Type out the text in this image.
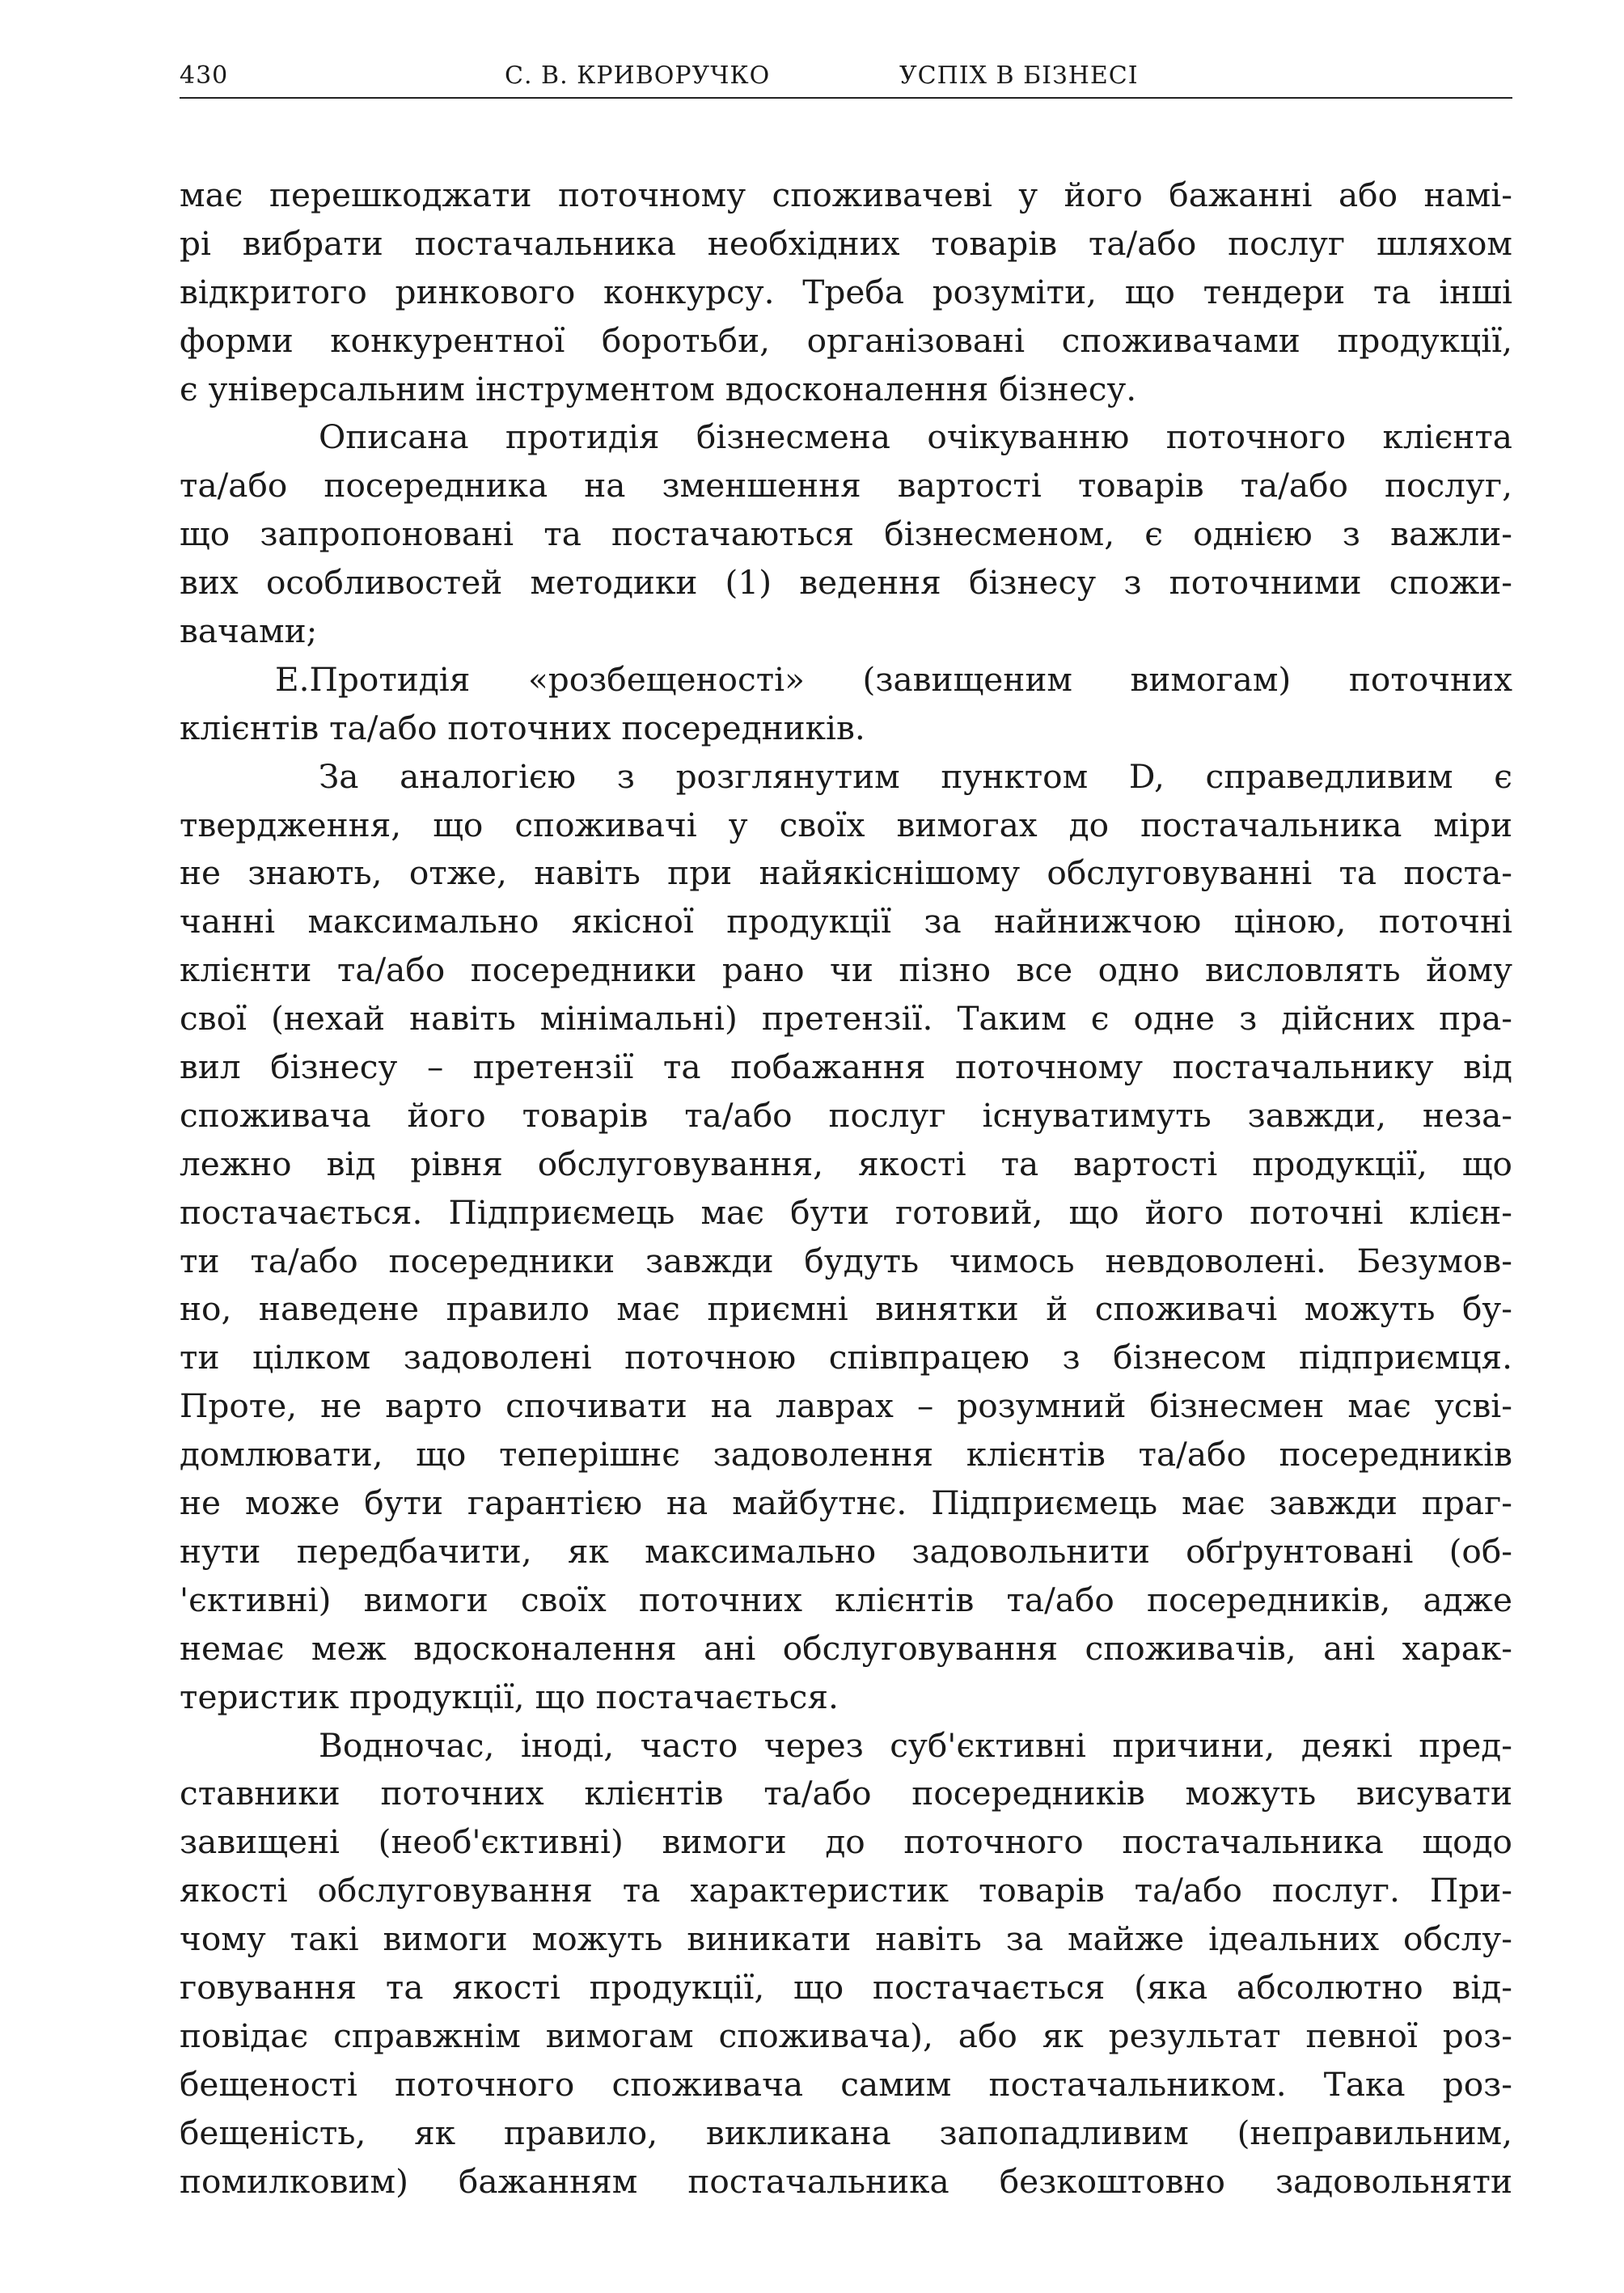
430	С. В. КРИВОРУЧКО	УСПІХ В БІЗНЕСІ
має перешкоджати поточному споживачеві у його бажанні або намі-
рі вибрати постачальника необхідних товарів та/або послуг шляхом
відкритого ринкового конкурсу. Треба розуміти, що тендери та інші
форми конкурентної боротьби, організовані споживачами продукції,
є універсальним інструментом вдосконалення бізнесу.
Описана протидія бізнесмена очікуванню поточного клієнта
та/або посередника на зменшення вартості товарів та/або послуг,
що запропоновані та постачаються бізнесменом, є однією з важли-
вих особливостей методики (1) ведення бізнесу з поточними спожи-
вачами;
E.Протидія «розбещеності» (завищеним вимогам) поточних
клієнтів та/або поточних посередників.
За аналогією з розглянутим пунктом D, справедливим є
твердження, що споживачі у своїх вимогах до постачальника міри
не знають, отже, навіть при найякіснішому обслуговуванні та поста-
чанні максимально якісної продукції за найнижчою ціною, поточні
клієнти та/або посередники рано чи пізно все одно висловлять йому
свої (нехай навіть мінімальні) претензії. Таким є одне з дійсних пра-
вил бізнесу – претензії та побажання поточному постачальнику від
споживача його товарів та/або послуг існуватимуть завжди, неза-
лежно від рівня обслуговування, якості та вартості продукції, що
постачається. Підприємець має бути готовий, що його поточні клієн-
ти та/або посередники завжди будуть чимось невдоволені. Безумов-
но, наведене правило має приємні винятки й споживачі можуть бу-
ти цілком задоволені поточною співпрацею з бізнесом підприємця.
Проте, не варто спочивати на лаврах – розумний бізнесмен має усві-
домлювати, що теперішнє задоволення клієнтів та/або посередників
не може бути гарантією на майбутнє. Підприємець має завжди праг-
нути передбачити, як максимально задовольнити обґрунтовані (об-
'єктивні) вимоги своїх поточних клієнтів та/або посередників, адже
немає меж вдосконалення ані обслуговування споживачів, ані харак-
теристик продукції, що постачається.
Водночас, іноді, часто через суб'єктивні причини, деякі пред-
ставники поточних клієнтів та/або посередників можуть висувати
завищені (необ'єктивні) вимоги до поточного постачальника щодо
якості обслуговування та характеристик товарів та/або послуг. При-
чому такі вимоги можуть виникати навіть за майже ідеальних обслу-
говування та якості продукції, що постачається (яка абсолютно від-
повідає справжнім вимогам споживача), або як результат певної роз-
бещеності поточного споживача самим постачальником. Така роз-
бещеність, як правило, викликана запопадливим (неправильним,
помилковим) бажанням постачальника безкоштовно задовольняти
